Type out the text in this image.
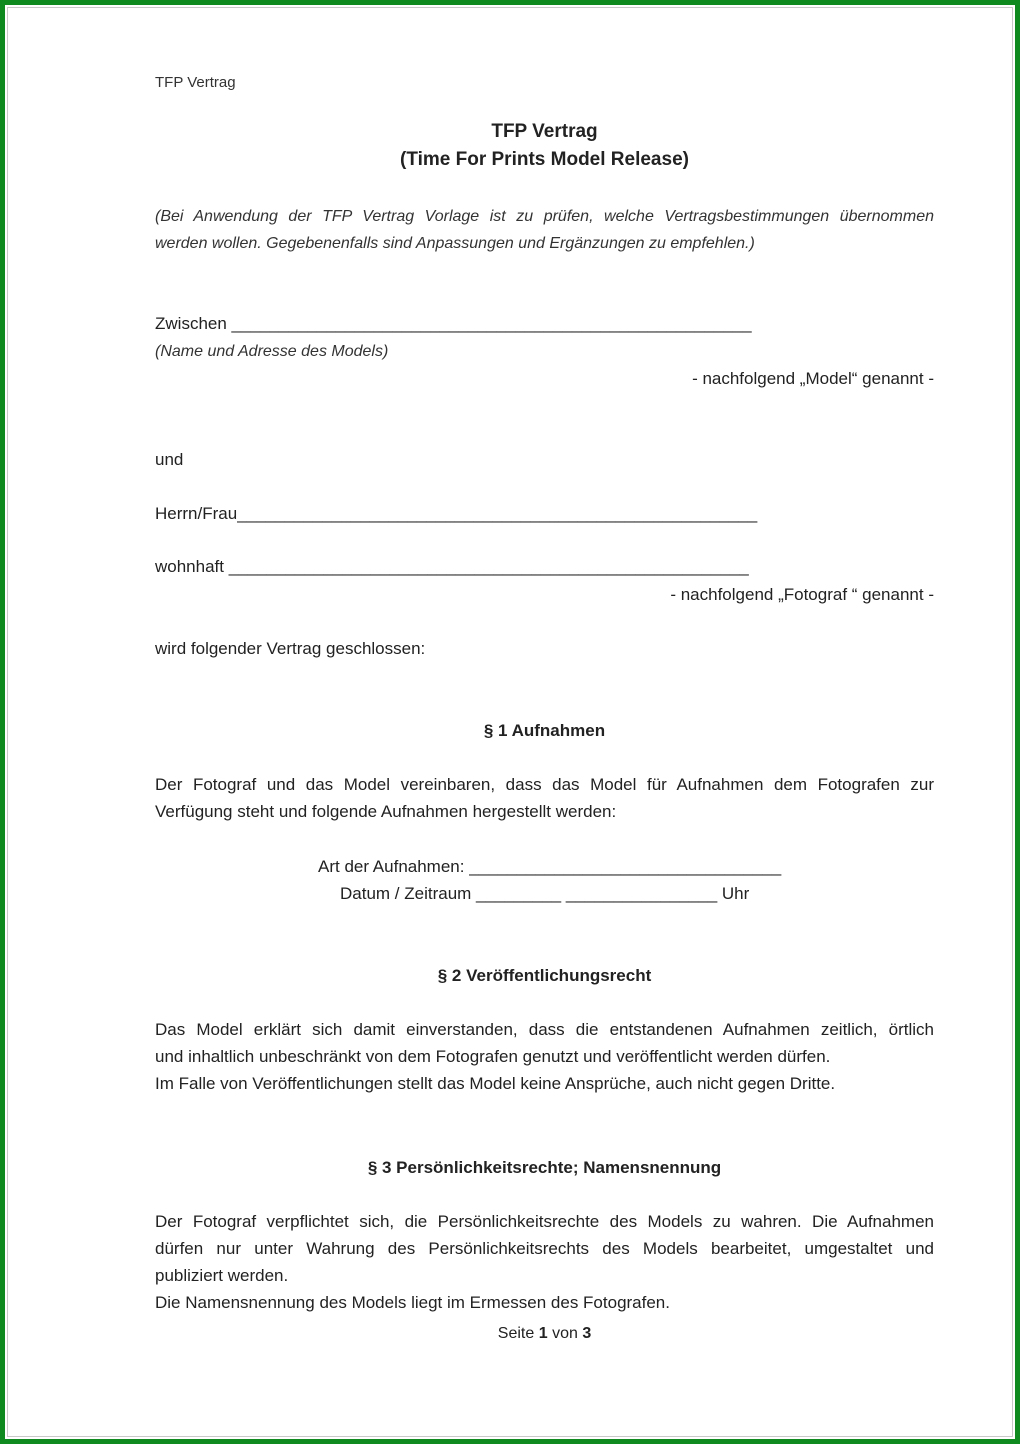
TFP Vertrag
TFP Vertrag
(Time For Prints Model Release)
(Bei Anwendung der TFP Vertrag Vorlage ist zu prüfen, welche Vertragsbestimmungen übernommen
werden wollen. Gegebenenfalls sind Anpassungen und Ergänzungen zu empfehlen.)
Zwischen _______________________________________________________
(Name und Adresse des Models)
- nachfolgend „Model“ genannt -
und
Herrn/Frau_______________________________________________________
wohnhaft _______________________________________________________
- nachfolgend „Fotograf “ genannt -
wird folgender Vertrag geschlossen:
§ 1 Aufnahmen
Der Fotograf und das Model vereinbaren, dass das Model für Aufnahmen dem Fotografen zur
Verfügung steht und folgende Aufnahmen hergestellt werden:
Art der Aufnahmen: _________________________________
Datum / Zeitraum _________ ________________ Uhr
§ 2 Veröffentlichungsrecht
Das Model erklärt sich damit einverstanden, dass die entstandenen Aufnahmen zeitlich, örtlich
und inhaltlich unbeschränkt von dem Fotografen genutzt und veröffentlicht werden dürfen.
Im Falle von Veröffentlichungen stellt das Model keine Ansprüche, auch nicht gegen Dritte.
§ 3 Persönlichkeitsrechte; Namensnennung
Der Fotograf verpflichtet sich, die Persönlichkeitsrechte des Models zu wahren. Die Aufnahmen
dürfen nur unter Wahrung des Persönlichkeitsrechts des Models bearbeitet, umgestaltet und
publiziert werden.
Die Namensnennung des Models liegt im Ermessen des Fotografen.
Seite 1 von 3
